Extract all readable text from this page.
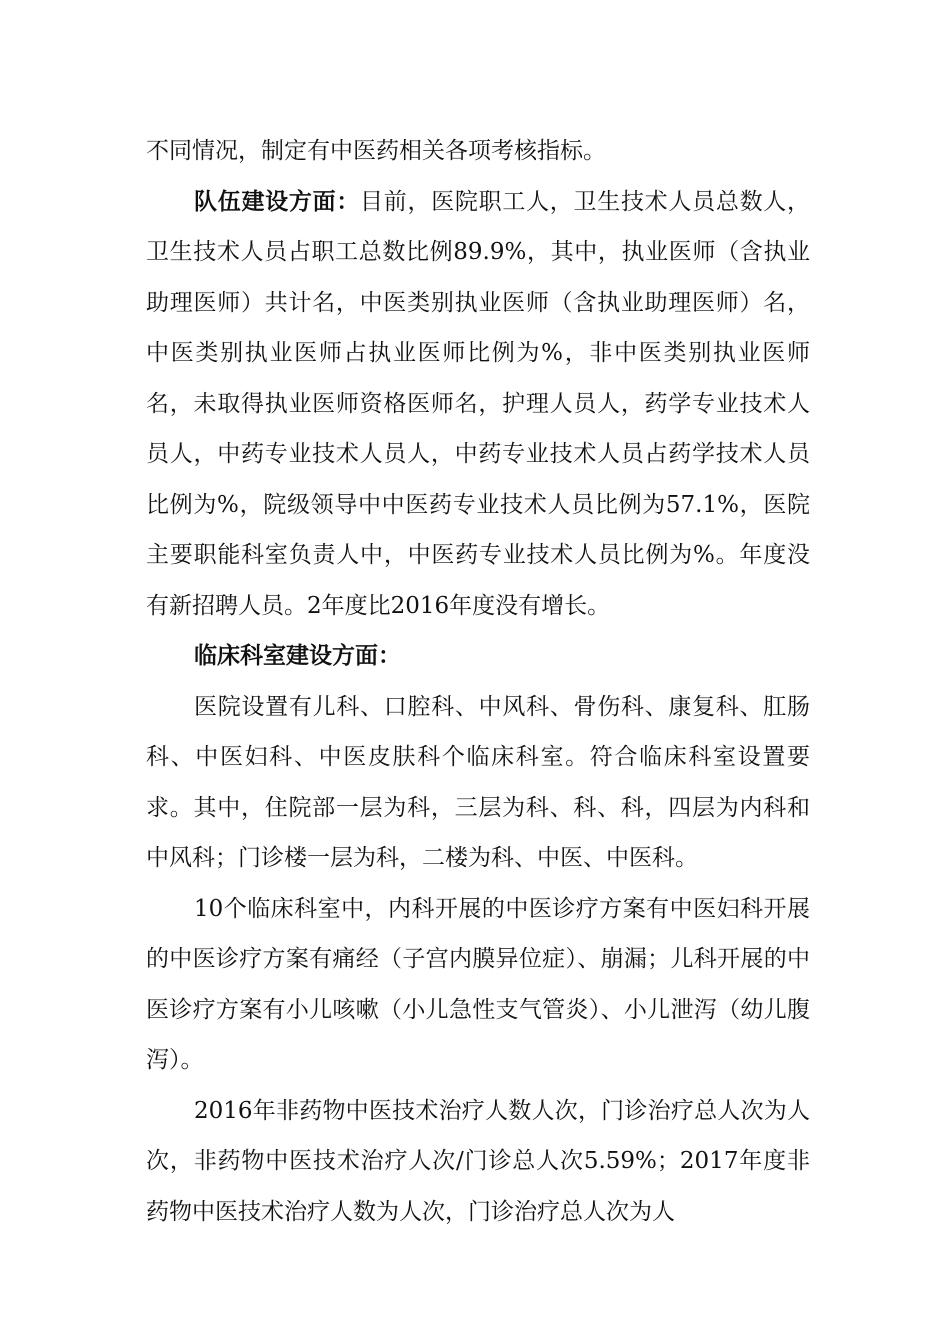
不同情况，制定有中医药相关各项考核指标。

队伍建设方面：目前，医院职工人，卫生技术人员总数人，卫生技术人员占职工总数比例89.9%，其中，执业医师（含执业助理医师）共计名，中医类别执业医师（含执业助理医师）名，中医类别执业医师占执业医师比例为%，非中医类别执业医师名，未取得执业医师资格医师名，护理人员人，药学专业技术人员人，中药专业技术人员人，中药专业技术人员占药学技术人员比例为%，院级领导中中医药专业技术人员比例为57.1%，医院主要职能科室负责人中，中医药专业技术人员比例为%。年度没有新招聘人员。2年度比2016年度没有增长。

临床科室建设方面：

医院设置有儿科、口腔科、中风科、骨伤科、康复科、肛肠科、中医妇科、中医皮肤科个临床科室。符合临床科室设置要求。其中，住院部一层为科，三层为科、科、科，四层为内科和中风科；门诊楼一层为科，二楼为科、中医、中医科。

10个临床科室中，内科开展的中医诊疗方案有中医妇科开展的中医诊疗方案有痛经（子宫内膜异位症）、崩漏；儿科开展的中医诊疗方案有小儿咳嗽（小儿急性支气管炎）、小儿泄泻（幼儿腹泻）。

2016年非药物中医技术治疗人数人次，门诊治疗总人次为人次，非药物中医技术治疗人次/门诊总人次5.59%；2017年度非药物中医技术治疗人数为人次，门诊治疗总人次为人
